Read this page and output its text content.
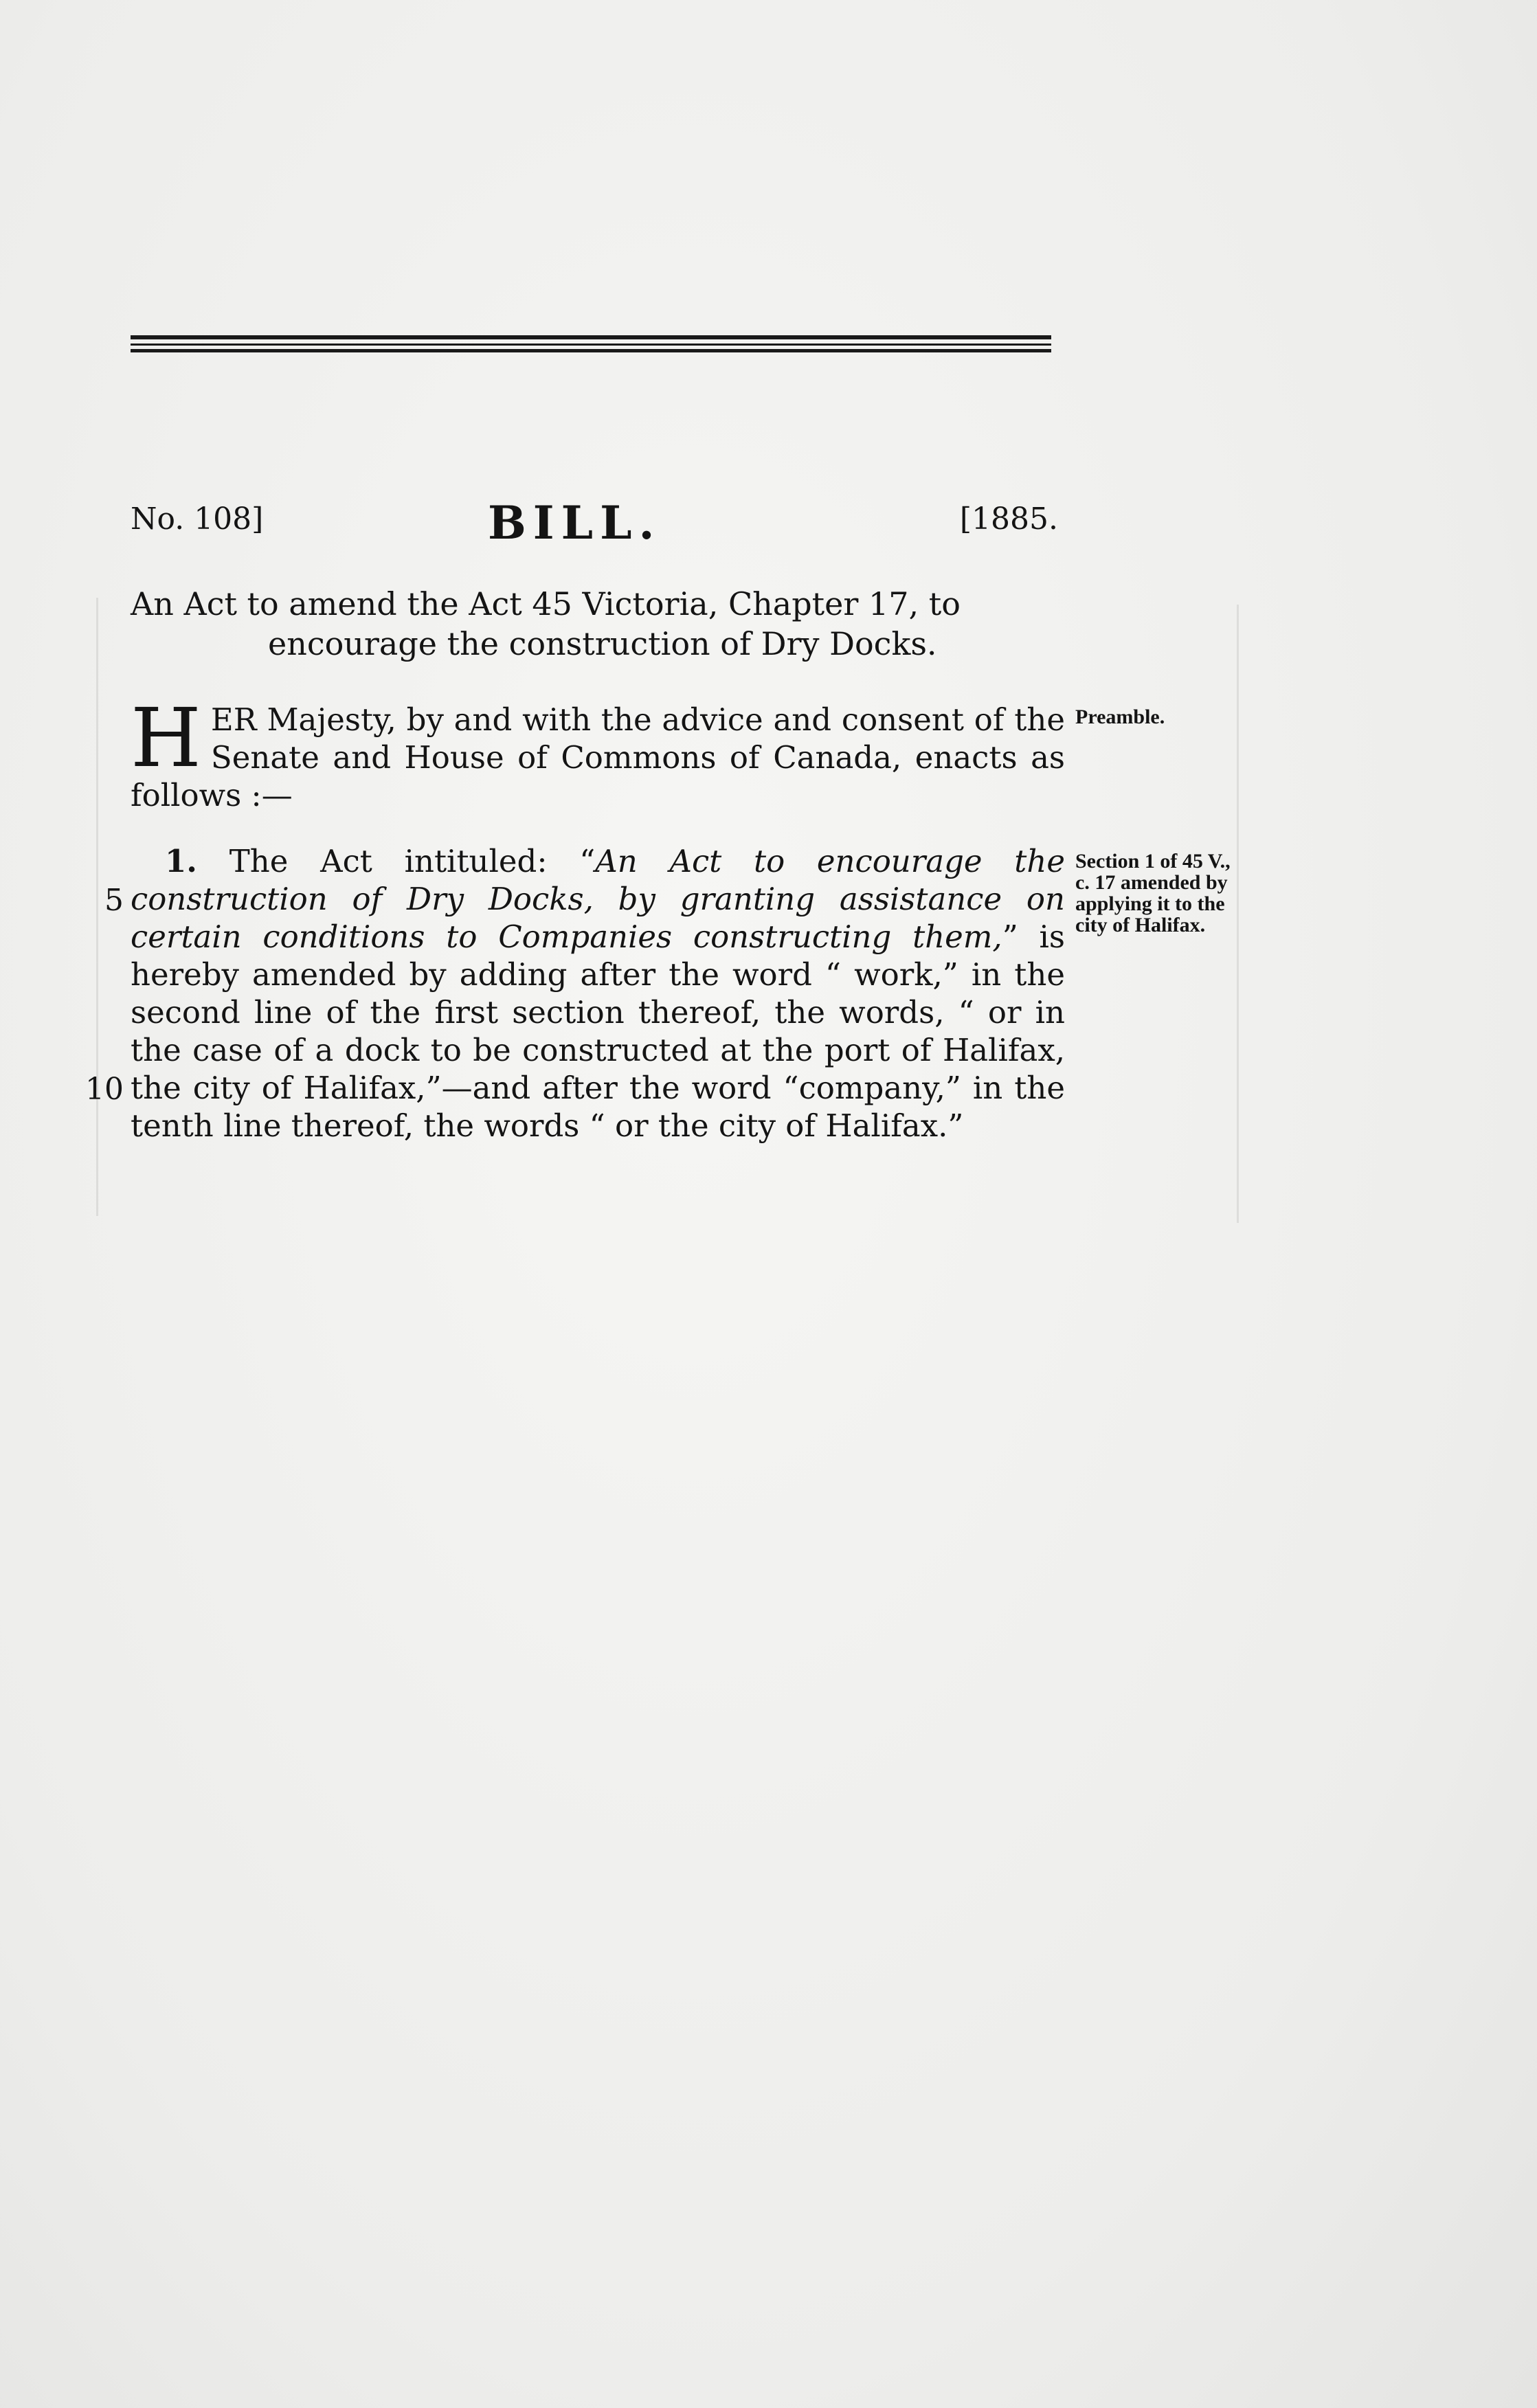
No. 108]	BILL.	[1885.
An Act to amend the Act 45 Victoria, Chapter 17, to
encourage the construction of Dry Docks.
HER Majesty, by and with the advice and consent of the Senate and House of Commons of Canada, enacts as follows :—
Preamble.

1. The Act intituled: “An Act to encourage the construction of Dry Docks, by granting assistance on certain conditions to Companies constructing them,” is hereby amended by adding after the word “ work,” in the second line of the first section thereof, the words, “ or in the case of a dock to be constructed at the port of Halifax, the city of Halifax,”—and after the word “company,” in the tenth line thereof, the words “ or the city of Halifax.”

Section 1 of 45 V., c. 17 amended by applying it to the city of Halifax.
5
10
